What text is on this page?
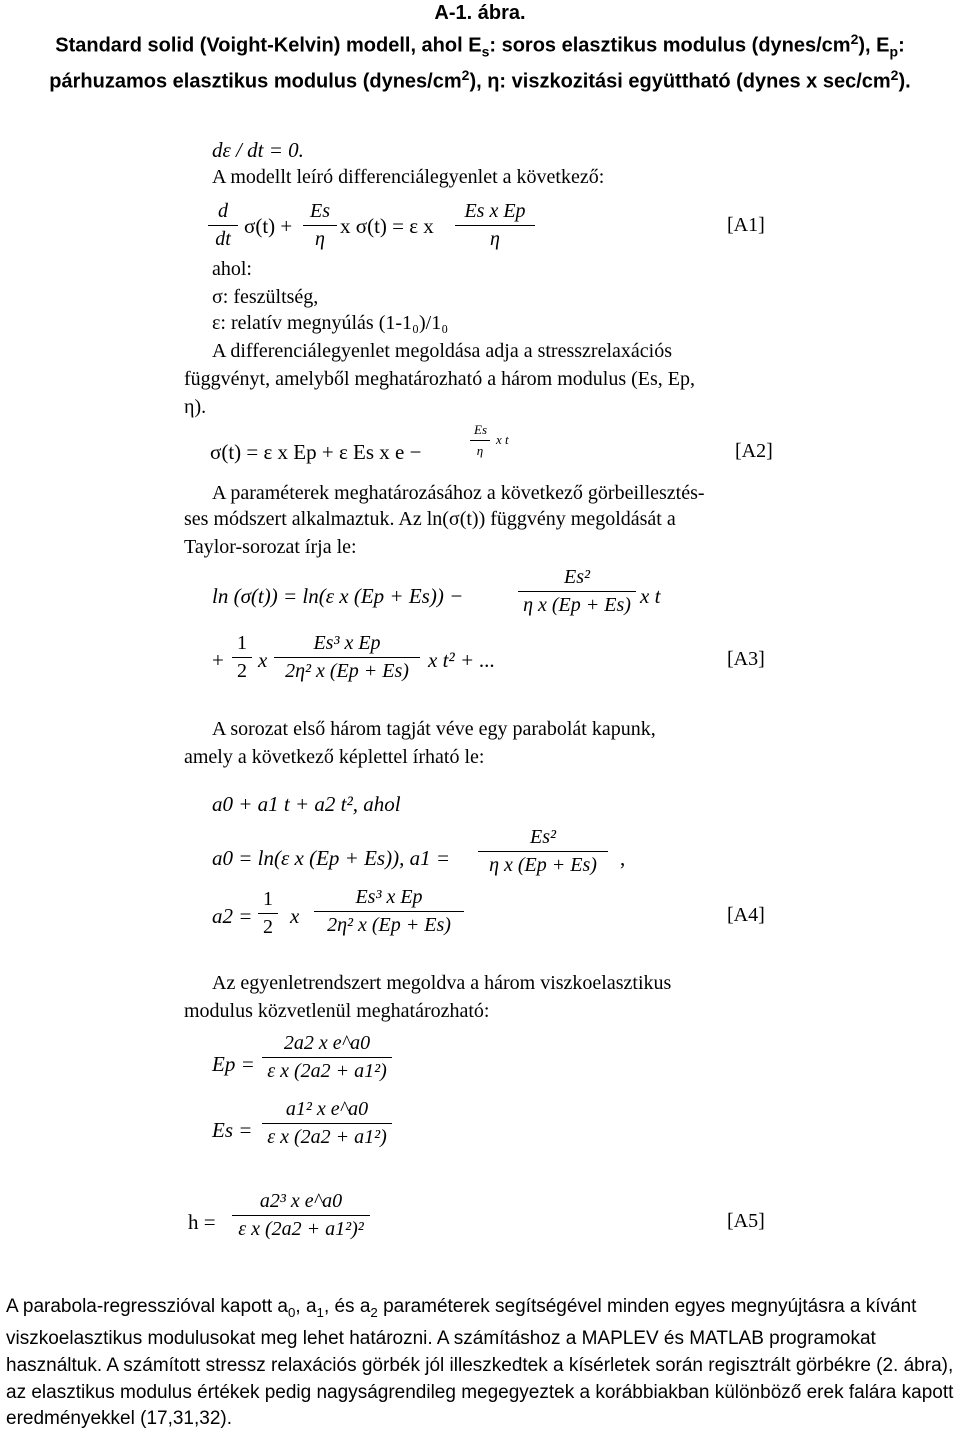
A-1. ábra.
Standard solid (Voight-Kelvin) modell, ahol $E_s$: soros elasztikus modulus $(dynes/cm^2)$, $E_p$: párhuzamos elasztikus modulus $(dynes/cm^2)$, η: viszkozitási együttható (dynes x $\sec/cm^2$).
dε / dt = 0.
A modellt leíró differenciálegyenlet a következő:
$\frac{d}{dt} \sigma(t) + \frac{Es}{\eta}$ x σ(t) = ε x $\frac{\text{Es x Ep}}{\eta}$	[A1]
ahol:
σ: feszültség,
ε: relatív megnyúlás (1-1₀)/1₀
A differenciálegyenlet megoldása adja a stresszrelaxációs
függvényt, amelyből meghatározható a három modulus (Es, Ep,
η).
σ(t) = ε x Ep + ε Es x e −	$\frac{Es}{\eta}$ x t
[A2]
A paraméterek meghatározásához a következő görbeillesztés-
ses módszert alkalmaztuk. Az ln(σ(t)) függvény megoldását a
Taylor-sorozat írja le:
ln (σ(t)) = ln(ε x (Ep + Es)) −	$\frac{\text{Es²}}{\text{η x (Ep + Es)}}$ x t
+ $\frac{1}{2}$ x $\frac{\text{Es³ x Ep}}{\text{2η² x (Ep + Es)}}$ x t² + ...	[A3]
A sorozat első három tagját véve egy parabolát kapunk,
amely a következő képlettel írható le:
a0 + a1 t + a2 t², ahol
a0 = ln(ε x (Ep + Es)), $a1 = \frac{\text{Es²}}{\text{η x (Ep + Es)}}$ ,
$a2 = \frac{1}{2}$ x $\frac{\text{Es³ x Ep}}{\text{2η² x (Ep + Es)}}$	[A4]
Az egyenletrendszert megoldva a három viszkoelasztikus
modulus közvetlenül meghatározható:
$Ep = \frac{\text{2a2 x e\textasciicircum{}a0}}{\text{ε x (2a2 + a1²)}}$
$Es = \frac{\text{a1² x e\textasciicircum{}a0}}{\text{ε x (2a2 + a1²)}}$
$h = \frac{\text{a2³ x e\textasciicircum{}a0}}{\text{ε x (2a2 + a1²)²}}$	[A5]
A parabola-regresszióval kapott $a_0$, $a_1$, és $a_2$ paraméterek segítségével minden egyes megnyújtásra a kívánt viszkoelasztikus modulusokat meg lehet határozni. A számításhoz a MAPLEV és MATLAB programokat használtuk. A számított stressz relaxációs görbék jól illeszkedtek a kísérletek során regisztrált görbékre (2. ábra), az elasztikus modulus értékek pedig nagyságrendileg megegyeztek a korábbiakban különböző erek falára kapott eredményekkel (17,31,32).
